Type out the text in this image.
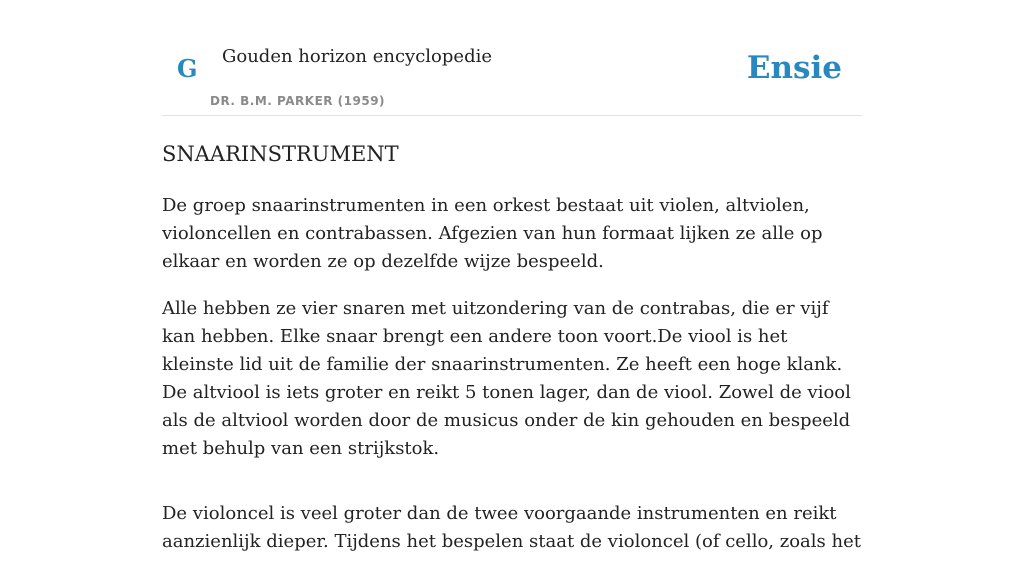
G Gouden horizon encyclopedie
DR. B.M. PARKER (1959)
Ensie
SNAARINSTRUMENT

De groep snaarinstrumenten in een orkest bestaat uit violen, altviolen, violoncellen en contrabassen. Afgezien van hun formaat lijken ze alle op elkaar en worden ze op dezelfde wijze bespeeld.

Alle hebben ze vier snaren met uitzondering van de contrabas, die er vijf kan hebben. Elke snaar brengt een andere toon voort.De viool is het kleinste lid uit de familie der snaarinstrumenten. Ze heeft een hoge klank. De altviool is iets groter en reikt 5 tonen lager, dan de viool. Zowel de viool als de altviool worden door de musicus onder de kin gehouden en bespeeld met behulp van een strijkstok.

De violoncel is veel groter dan de twee voorgaande instrumenten en reikt aanzienlijk dieper. Tijdens het bespelen staat de violoncel (of cello, zoals het
